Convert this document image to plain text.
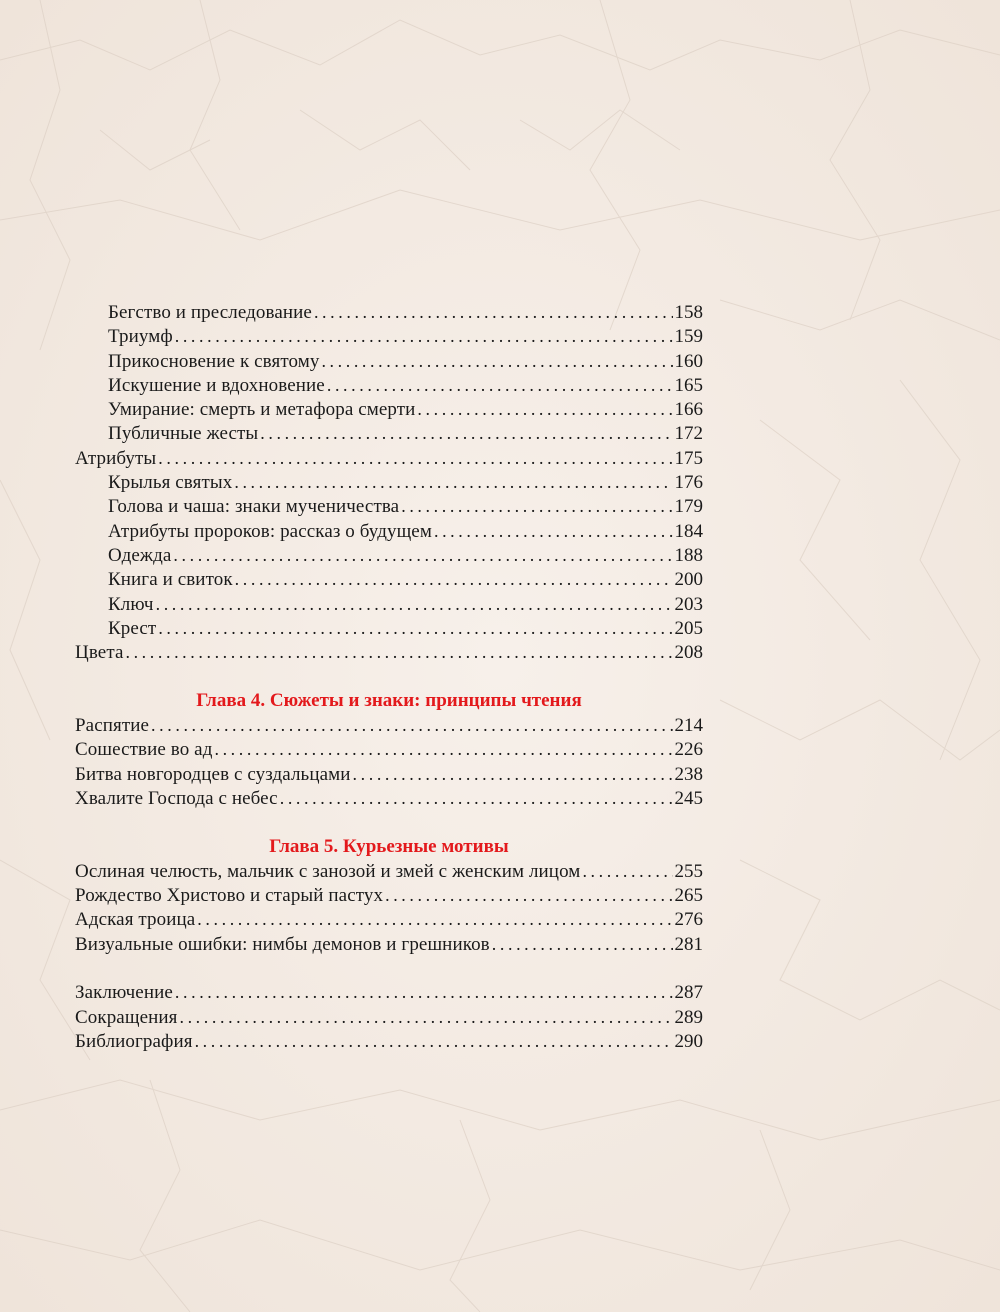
Бегство и преследование .....	158
Триумф .....	159
Прикосновение к святому .....	160
Искушение и вдохновение .....	165
Умирание: смерть и метафора смерти .....	166
Публичные жесты .....	172
Атрибуты .....	175
Крылья святых .....	176
Голова и чаша: знаки мученичества .....	179
Атрибуты пророков: рассказ о будущем .....	184
Одежда .....	188
Книга и свиток .....	200
Ключ .....	203
Крест .....	205
Цвета .....	208
Глава 4. Сюжеты и знаки: принципы чтения
Распятие .....	214
Сошествие во ад .....	226
Битва новгородцев с суздальцами .....	238
Хвалите Господа с небес .....	245
Глава 5. Курьезные мотивы
Ослиная челюсть, мальчик с занозой и змей с женским лицом .....	255
Рождество Христово и старый пастух .....	265
Адская троица .....	276
Визуальные ошибки: нимбы демонов и грешников .....	281
Заключение .....	287
Сокращения .....	289
Библиография .....	290
